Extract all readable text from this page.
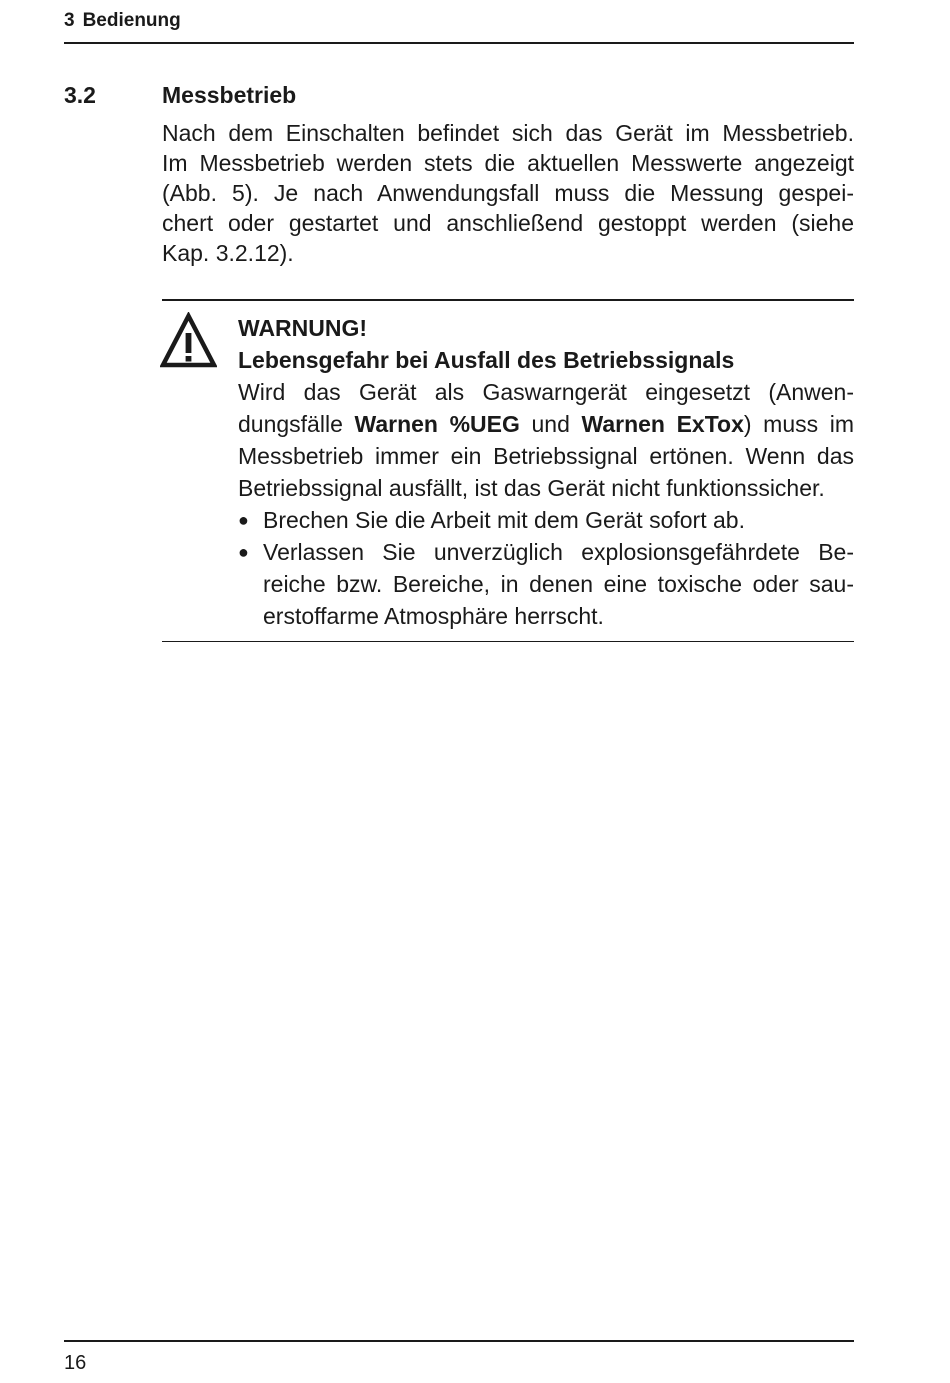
3 Bedienung
3.2	Messbetrieb
Nach dem Einschalten befindet sich das Gerät im Messbetrieb.
Im Messbetrieb werden stets die aktuellen Messwerte angezeigt
(Abb. 5). Je nach Anwendungsfall muss die Messung gespei-
chert oder gestartet und anschließend gestoppt werden (siehe
Kap. 3.2.12).
WARNUNG!
Lebensgefahr bei Ausfall des Betriebssignals
Wird das Gerät als Gaswarngerät eingesetzt (Anwen-
dungsfälle Warnen %UEG und Warnen ExTox) muss im
Messbetrieb immer ein Betriebssignal ertönen. Wenn das
Betriebssignal ausfällt, ist das Gerät nicht funktionssicher.
● Brechen Sie die Arbeit mit dem Gerät sofort ab.
● Verlassen Sie unverzüglich explosionsgefährdete Be-
reiche bzw. Bereiche, in denen eine toxische oder sau-
erstoffarme Atmosphäre herrscht.
16
